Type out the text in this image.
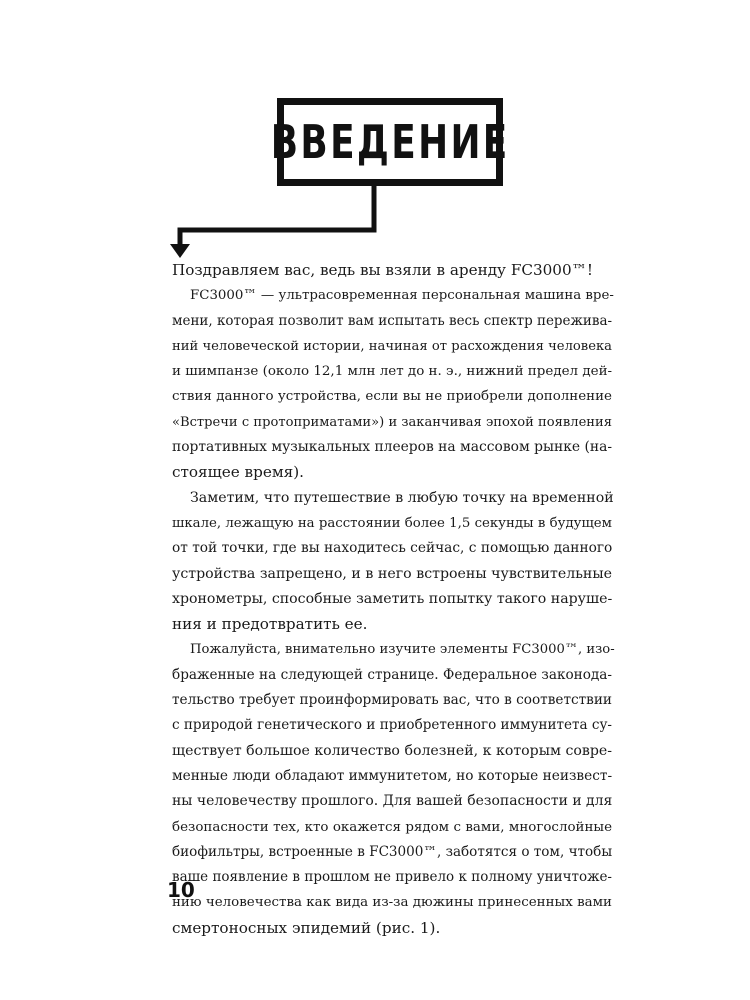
ВВЕДЕНИЕ
Поздравляем вас, ведь вы взяли в аренду FC3000™!
FC3000™ — ультрасовременная персональная машина вре-
мени, которая позволит вам испытать весь спектр пережива-
ний человеческой истории, начиная от расхождения человека
и шимпанзе (около 12,1 млн лет до н. э., нижний предел дей-
ствия данного устройства, если вы не приобрели дополнение
«Встречи с протоприматами») и заканчивая эпохой появления
портативных музыкальных плееров на массовом рынке (на-
стоящее время).
Заметим, что путешествие в любую точку на временной
шкале, лежащую на расстоянии более 1,5 секунды в будущем
от той точки, где вы находитесь сейчас, с помощью данного
устройства запрещено, и в него встроены чувствительные
хронометры, способные заметить попытку такого наруше-
ния и предотвратить ее.
Пожалуйста, внимательно изучите элементы FC3000™, изо-
браженные на следующей странице. Федеральное законода-
тельство требует проинформировать вас, что в соответствии
с природой генетического и приобретенного иммунитета су-
ществует большое количество болезней, к которым совре-
менные люди обладают иммунитетом, но которые неизвест-
ны человечеству прошлого. Для вашей безопасности и для
безопасности тех, кто окажется рядом с вами, многослойные
биофильтры, встроенные в FC3000™, заботятся о том, чтобы
ваше появление в прошлом не привело к полному уничтоже-
нию человечества как вида из-за дюжины принесенных вами
смертоносных эпидемий (рис. 1).
10
